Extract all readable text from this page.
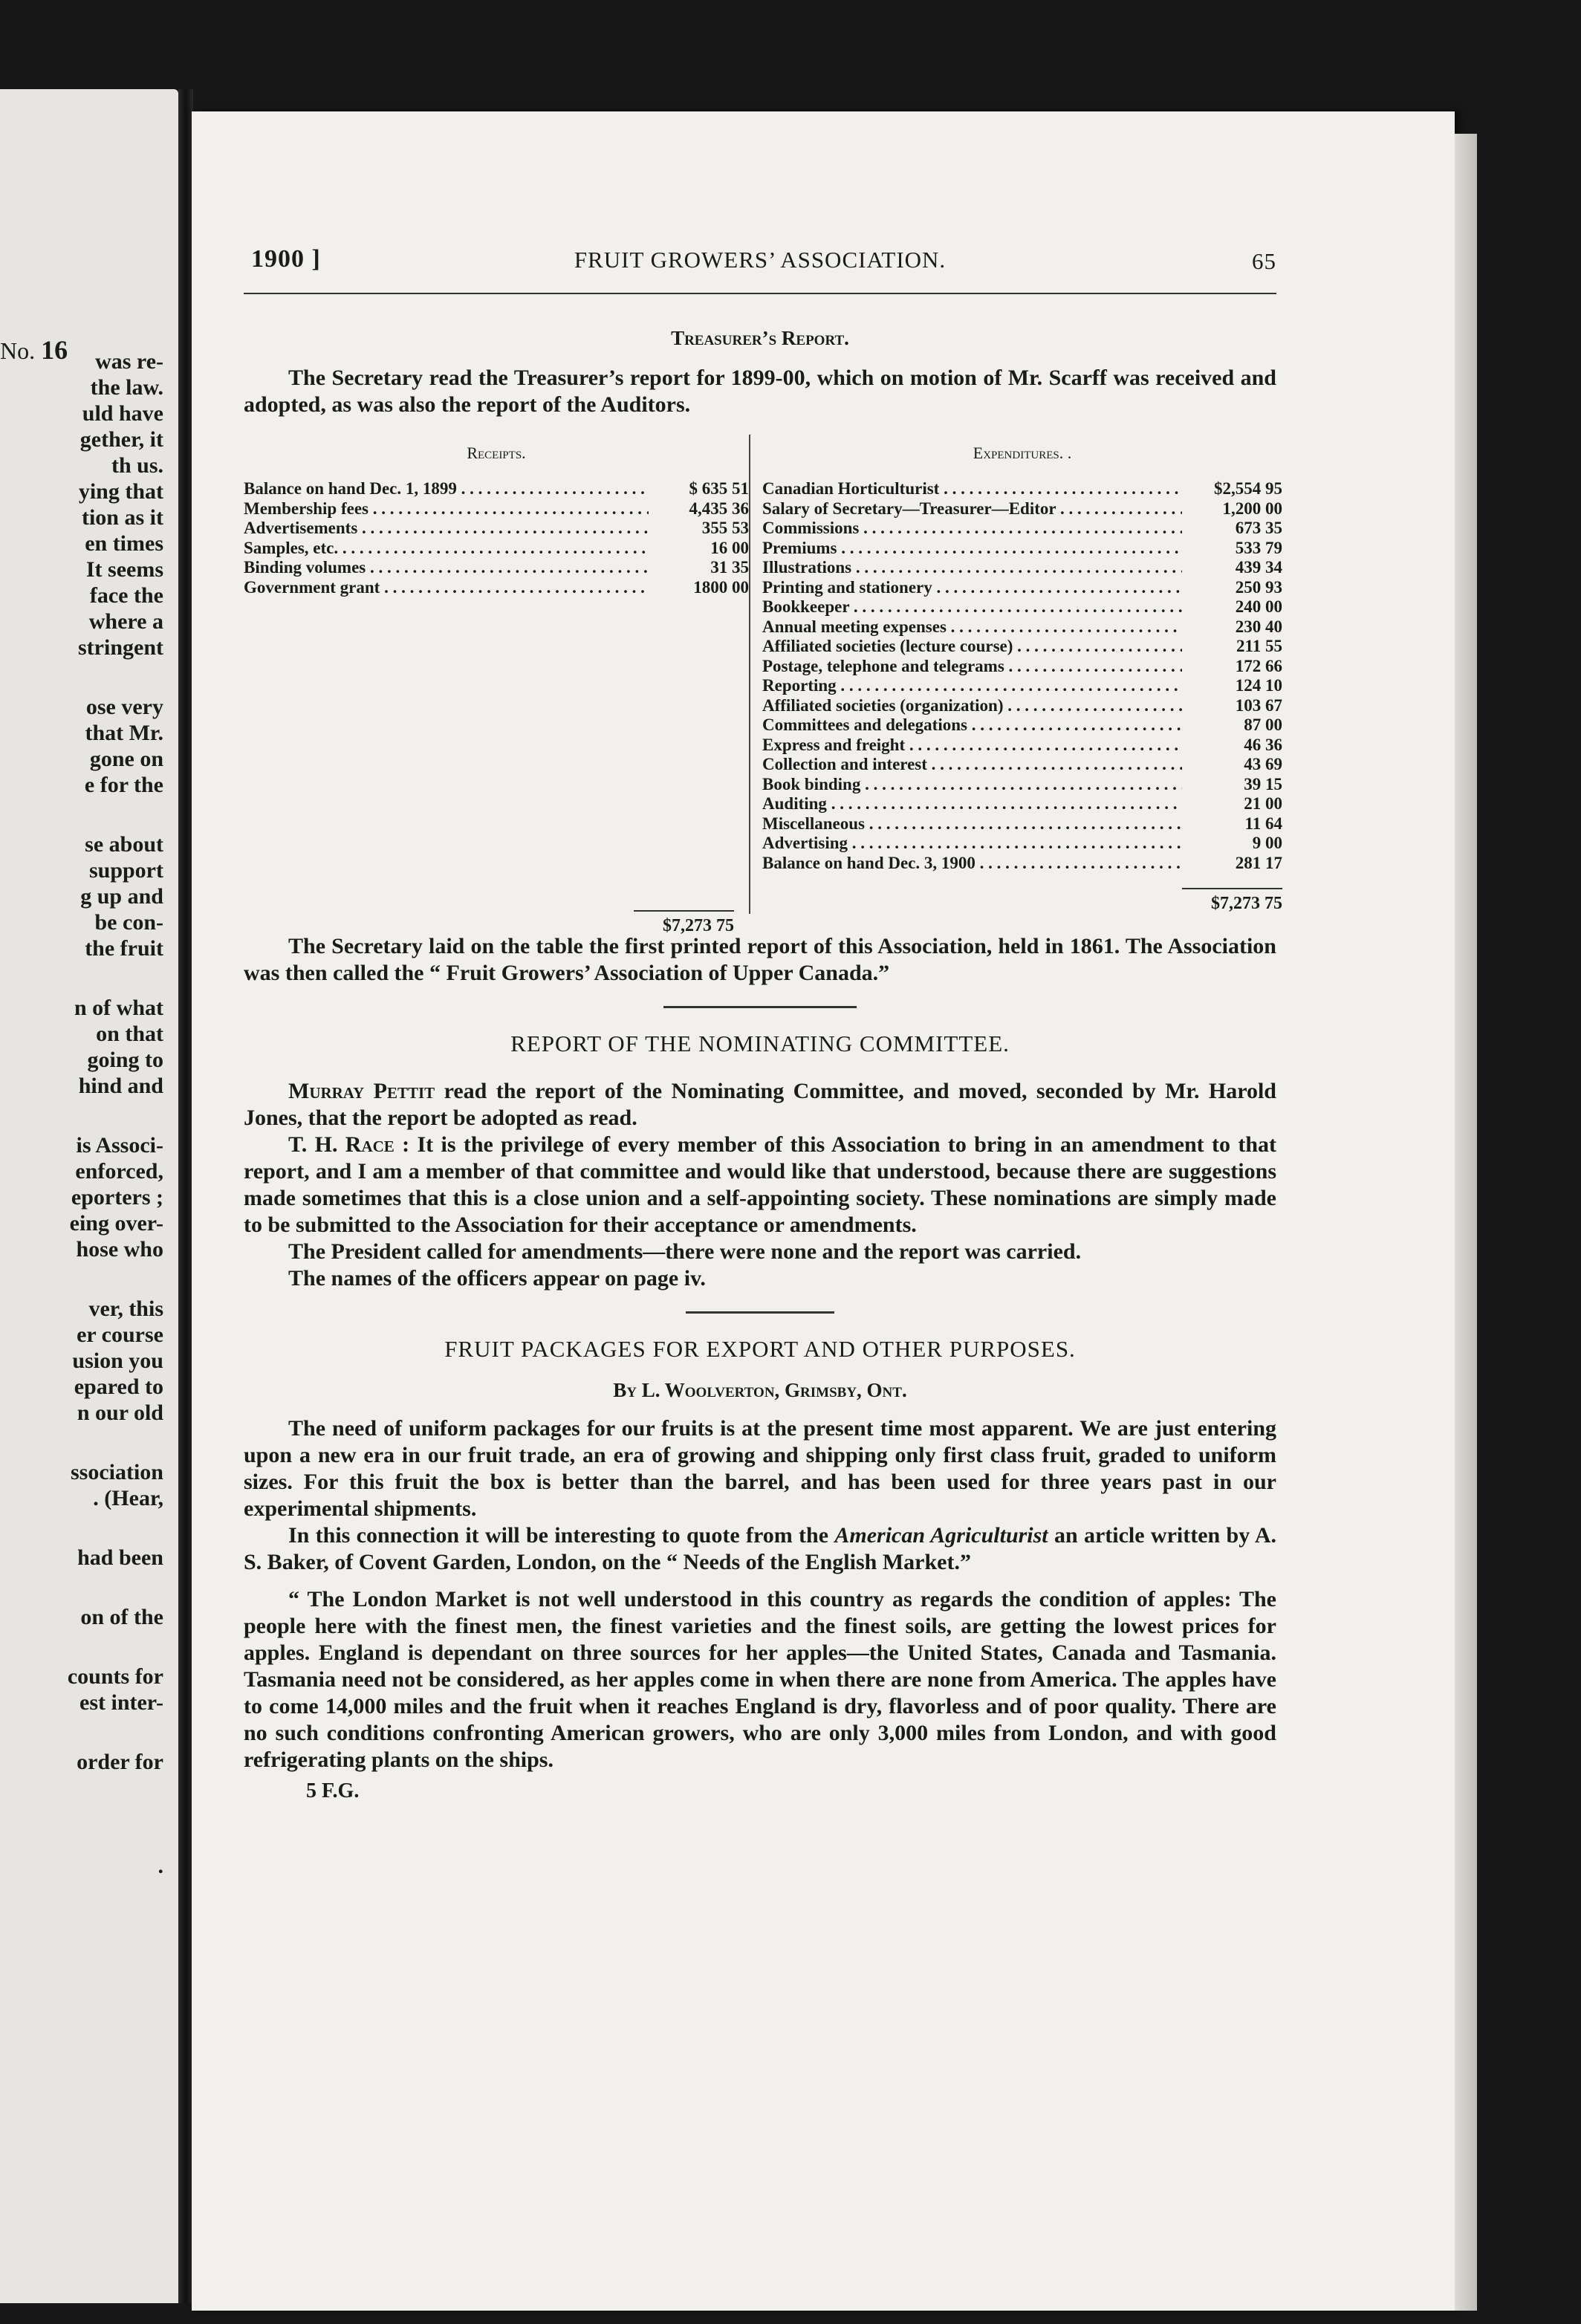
No. 16 was re-
the law.
uld have
gether, it
th us.
ying that
tion as it
en times
It seems
face the
where a
stringent
ose very
that Mr.
gone on
e for the
se about
support
g up and
be con-
the fruit
n of what
on that
going to
hind and
is Associ-
enforced,
eporters ;
eing over-
hose who
ver, this
er course
usion you
epared to
n our old
ssociation
. (Hear,
had been
on of the
counts for
est inter-
order for
.
1900 ]	FRUIT GROWERS’ ASSOCIATION.	65
Treasurer’s Report.

The Secretary read the Treasurer’s report for 1899-00, which on motion of Mr. Scarff was received and adopted, as was also the report of the Auditors.

Receipts.
Balance on hand Dec. 1, 1899 . . .	$ 635 51
Membership fees . . .	4,435 36
Advertisements . . .	355 53
Samples, etc. . . .	16 00
Binding volumes . . .	31 35
Government grant . . .	1800 00
$7,273 75
Expenditures. .
Canadian Horticulturist . . .	$2,554 95
Salary of Secretary—Treasurer—Editor . . .	1,200 00
Commissions . . .	673 35
Premiums . . .	533 79
Illustrations . . .	439 34
Printing and stationery . . .	250 93
Bookkeeper . . .	240 00
Annual meeting expenses . . .	230 40
Affiliated societies (lecture course) . . .	211 55
Postage, telephone and telegrams . . .	172 66
Reporting . . .	124 10
Affiliated societies (organization) . . .	103 67
Committees and delegations . . .	87 00
Express and freight . . .	46 36
Collection and interest . . .	43 69
Book binding . . .	39 15
Auditing . . .	21 00
Miscellaneous . . .	11 64
Advertising . . .	9 00
Balance on hand Dec. 3, 1900 . . .	281 17
$7,273 75

The Secretary laid on the table the first printed report of this Association, held in 1861. The Association was then called the “ Fruit Growers’ Association of Upper Canada.”

REPORT OF THE NOMINATING COMMITTEE.

Murray Pettit read the report of the Nominating Committee, and moved, seconded by Mr. Harold Jones, that the report be adopted as read.

T. H. Race : It is the privilege of every member of this Association to bring in an amendment to that report, and I am a member of that committee and would like that understood, because there are suggestions made sometimes that this is a close union and a self-appointing society. These nominations are simply made to be submitted to the Association for their acceptance or amendments.

The President called for amendments—there were none and the report was carried.

The names of the officers appear on page iv.

FRUIT PACKAGES FOR EXPORT AND OTHER PURPOSES.
By L. Woolverton, Grimsby, Ont.

The need of uniform packages for our fruits is at the present time most apparent. We are just entering upon a new era in our fruit trade, an era of growing and shipping only first class fruit, graded to uniform sizes. For this fruit the box is better than the barrel, and has been used for three years past in our experimental shipments.

In this connection it will be interesting to quote from the American Agriculturist an article written by A. S. Baker, of Covent Garden, London, on the “ Needs of the English Market.”

“ The London Market is not well understood in this country as regards the condition of apples: The people here with the finest men, the finest varieties and the finest soils, are getting the lowest prices for apples. England is dependant on three sources for her apples—the United States, Canada and Tasmania. Tasmania need not be considered, as her apples come in when there are none from America. The apples have to come 14,000 miles and the fruit when it reaches England is dry, flavorless and of poor quality. There are no such conditions confronting American growers, who are only 3,000 miles from London, and with good refrigerating plants on the ships.

5 F.G.
